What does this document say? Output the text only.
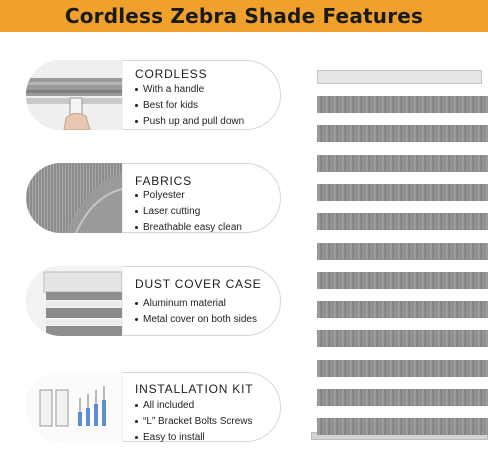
Cordless Zebra Shade Features
CORDLESS
With a handle
Best for kids
Push up and pull down
FABRICS
Polyester
Laser cutting
Breathable easy clean
DUST COVER CASE
Aluminum material
Metal cover on both sides
INSTALLATION KIT
All included
“L” Bracket Bolts Screws
Easy to install
